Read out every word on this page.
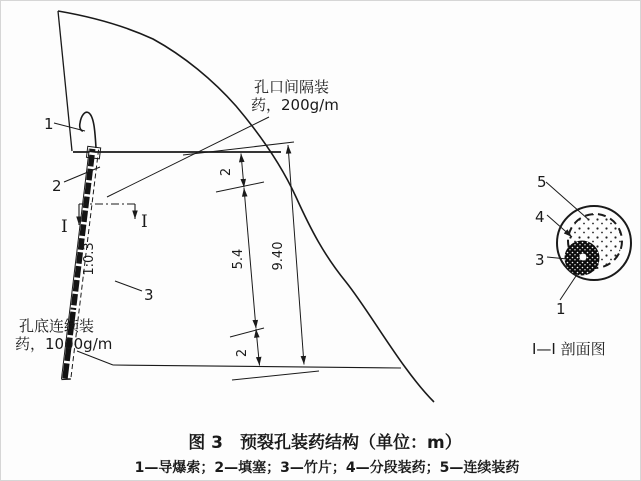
1
2
3
I	I
1:0.3
孔口间隔装
药，200g/m
孔底连续装
药，1000g/m
2
5.4
2
9.40
5
4
3
1
I—I 剖面图
图 3　预裂孔装药结构（单位：m）
1—导爆索；2—填塞；3—竹片；4—分段装药；5—连续装药
